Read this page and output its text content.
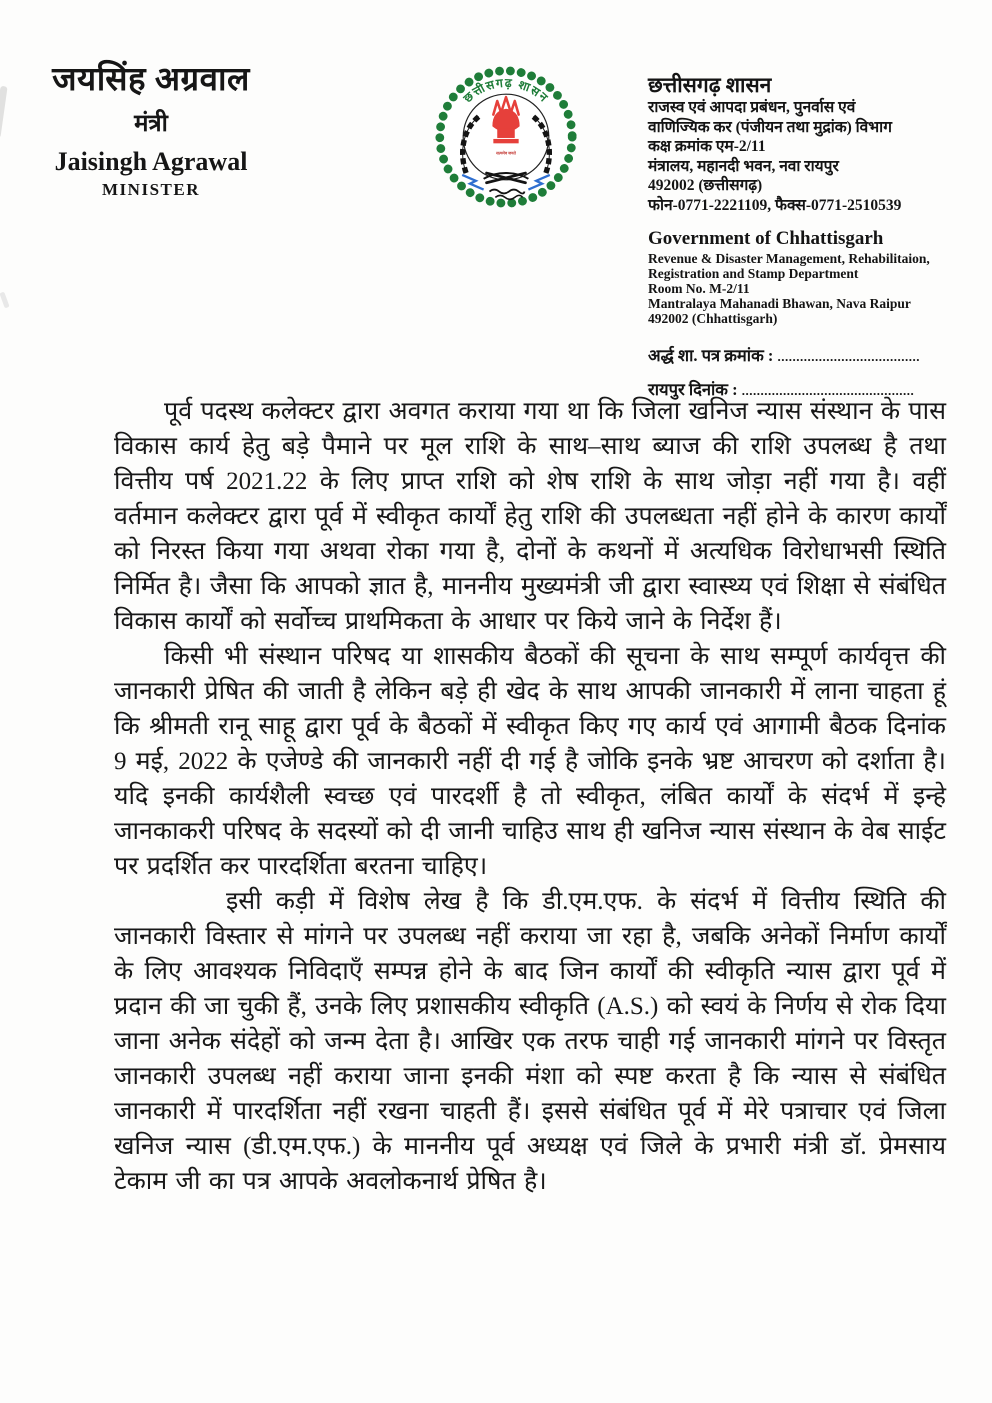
जयसिंह अग्रवाल
मंत्री
Jaisingh Agrawal
MINISTER
छत्तीसगढ़ शासन
सत्यमेव जयते
छत्तीसगढ़ शासन
राजस्व एवं आपदा प्रबंधन, पुनर्वास एवं
वाणिज्यिक कर (पंजीयन तथा मुद्रांक) विभाग
कक्ष क्रमांक एम-2/11
मंत्रालय, महानदी भवन, नवा रायपुर
492002 (छत्तीसगढ़)
फोन-0771-2221109, फैक्स-0771-2510539
Government of Chhattisgarh
Revenue & Disaster Management, Rehabilitaion,
Registration and Stamp Department
Room No. M-2/11
Mantralaya Mahanadi Bhawan, Nava Raipur
492002 (Chhattisgarh)
अर्द्ध शा. पत्र क्रमांक : ......................................
रायपुर दिनांक : ..............................................

पूर्व पदस्थ कलेक्टर द्वारा अवगत कराया गया था कि जिला खनिज न्यास संस्थान के पास विकास कार्य हेतु बड़े पैमाने पर मूल राशि के साथ–साथ ब्याज की राशि उपलब्ध है तथा वित्तीय पर्ष 2021.22 के लिए प्राप्त राशि को शेष राशि के साथ जोड़ा नहीं गया है। वहीं वर्तमान कलेक्टर द्वारा पूर्व में स्वीकृत कार्यों हेतु राशि की उपलब्धता नहीं होने के कारण कार्यों को निरस्त किया गया अथवा रोका गया है, दोनों के कथनों में अत्यधिक विरोधाभसी स्थिति निर्मित है। जैसा कि आपको ज्ञात है, माननीय मुख्यमंत्री जी द्वारा स्वास्थ्य एवं शिक्षा से संबंधित विकास कार्यों को सर्वोच्च प्राथमिकता के आधार पर किये जाने के निर्देश हैं।

किसी भी संस्थान परिषद या शासकीय बैठकों की सूचना के साथ सम्पूर्ण कार्यवृत्त की जानकारी प्रेषित की जाती है लेकिन बड़े ही खेद के साथ आपकी जानकारी में लाना चाहता हूं कि श्रीमती रानू साहू द्वारा पूर्व के बैठकों में स्वीकृत किए गए कार्य एवं आगामी बैठक दिनांक 9 मई, 2022 के एजेण्डे की जानकारी नहीं दी गई है जोकि इनके भ्रष्ट आचरण को दर्शाता है। यदि इनकी कार्यशैली स्वच्छ एवं पारदर्शी है तो स्वीकृत, लंबित कार्यों के संदर्भ में इन्हे जानकाकरी परिषद के सदस्यों को दी जानी चाहिउ साथ ही खनिज न्यास संस्थान के वेब साईट पर प्रदर्शित कर पारदर्शिता बरतना चाहिए।

इसी कड़ी में विशेष लेख है कि डी.एम.एफ. के संदर्भ में वित्तीय स्थिति की जानकारी विस्तार से मांगने पर उपलब्ध नहीं कराया जा रहा है, जबकि अनेकों निर्माण कार्यों के लिए आवश्यक निविदाएँ सम्पन्न होने के बाद जिन कार्यों की स्वीकृति न्यास द्वारा पूर्व में प्रदान की जा चुकी हैं, उनके लिए प्रशासकीय स्वीकृति (A.S.) को स्वयं के निर्णय से रोक दिया जाना अनेक संदेहों को जन्म देता है। आखिर एक तरफ चाही गई जानकारी मांगने पर विस्तृत जानकारी उपलब्ध नहीं कराया जाना इनकी मंशा को स्पष्ट करता है कि न्यास से संबंधित जानकारी में पारदर्शिता नहीं रखना चाहती हैं। इससे संबंधित पूर्व में मेरे पत्राचार एवं जिला खनिज न्यास (डी.एम.एफ.) के माननीय पूर्व अध्यक्ष एवं जिले के प्रभारी मंत्री डॉ. प्रेमसाय टेकाम जी का पत्र आपके अवलोकनार्थ प्रेषित है।
